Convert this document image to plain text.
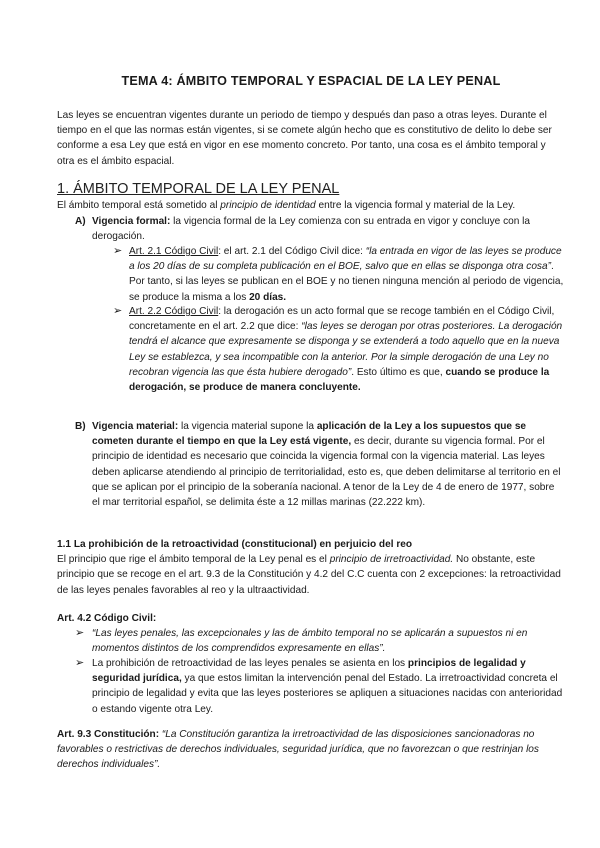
TEMA 4: ÁMBITO TEMPORAL Y ESPACIAL DE LA LEY PENAL

Las leyes se encuentran vigentes durante un periodo de tiempo y después dan paso a otras leyes. Durante el tiempo en el que las normas están vigentes, si se comete algún hecho que es constitutivo de delito lo debe ser conforme a esa Ley que está en vigor en ese momento concreto. Por tanto, una cosa es el ámbito temporal y otra es el ámbito espacial.

1. ÁMBITO TEMPORAL DE LA LEY PENAL

El ámbito temporal está sometido al principio de identidad entre la vigencia formal y material de la Ley.

A) Vigencia formal: la vigencia formal de la Ley comienza con su entrada en vigor y concluye con la derogación.

➢ Art. 2.1 Código Civil: el art. 2.1 del Código Civil dice: “la entrada en vigor de las leyes se produce a los 20 días de su completa publicación en el BOE, salvo que en ellas se disponga otra cosa”. Por tanto, si las leyes se publican en el BOE y no tienen ninguna mención al periodo de vigencia, se produce la misma a los 20 días.

➢ Art. 2.2 Código Civil: la derogación es un acto formal que se recoge también en el Código Civil, concretamente en el art. 2.2 que dice: “las leyes se derogan por otras posteriores. La derogación tendrá el alcance que expresamente se disponga y se extenderá a todo aquello que en la nueva Ley se establezca, y sea incompatible con la anterior. Por la simple derogación de una Ley no recobran vigencia las que ésta hubiere derogado”. Esto último es que, cuando se produce la derogación, se produce de manera concluyente.

B) Vigencia material: la vigencia material supone la aplicación de la Ley a los supuestos que se cometen durante el tiempo en que la Ley está vigente, es decir, durante su vigencia formal. Por el principio de identidad es necesario que coincida la vigencia formal con la vigencia material. Las leyes deben aplicarse atendiendo al principio de territorialidad, esto es, que deben delimitarse al territorio en el que se aplican por el principio de la soberanía nacional. A tenor de la Ley de 4 de enero de 1977, sobre el mar territorial español, se delimita éste a 12 millas marinas (22.222 km).

1.1 La prohibición de la retroactividad (constitucional) en perjuicio del reo

El principio que rige el ámbito temporal de la Ley penal es el principio de irretroactividad. No obstante, este principio que se recoge en el art. 9.3 de la Constitución y 4.2 del C.C cuenta con 2 excepciones: la retroactividad de las leyes penales favorables al reo y la ultraactividad.

Art. 4.2 Código Civil:
➢ “Las leyes penales, las excepcionales y las de ámbito temporal no se aplicarán a supuestos ni en momentos distintos de los comprendidos expresamente en ellas”.

➢ La prohibición de retroactividad de las leyes penales se asienta en los principios de legalidad y seguridad jurídica, ya que estos limitan la intervención penal del Estado. La irretroactividad concreta el principio de legalidad y evita que las leyes posteriores se apliquen a situaciones nacidas con anterioridad o estando vigente otra Ley.

Art. 9.3 Constitución: “La Constitución garantiza la irretroactividad de las disposiciones sancionadoras no favorables o restrictivas de derechos individuales, seguridad jurídica, que no favorezcan o que restrinjan los derechos individuales”.
